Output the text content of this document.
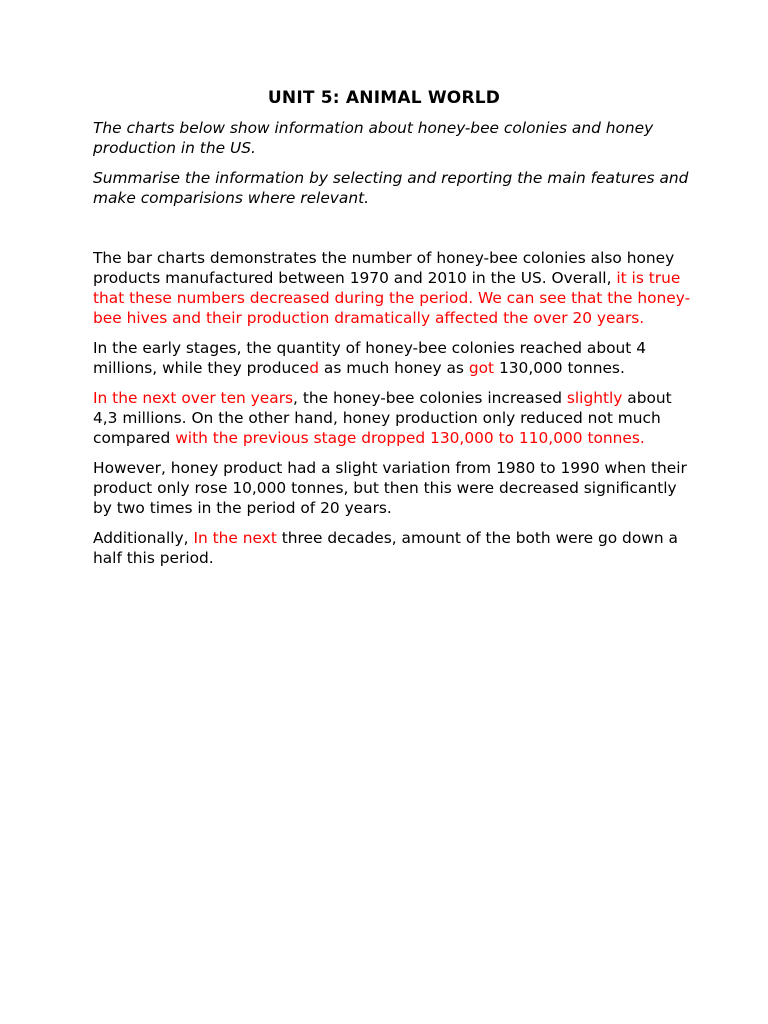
UNIT 5: ANIMAL WORLD

The charts below show information about honey-bee colonies and honey production in the US.

Summarise the information by selecting and reporting the main features and make comparisions where relevant.

The bar charts demonstrates the number of honey-bee colonies also honey products manufactured between 1970 and 2010 in the US. Overall, it is true that these numbers decreased during the period. We can see that the honey-bee hives and their production dramatically affected the over 20 years.

In the early stages, the quantity of honey-bee colonies reached about 4 millions, while they produced as much honey as got 130,000 tonnes.

In the next over ten years, the honey-bee colonies increased slightly about 4,3 millions. On the other hand, honey production only reduced not much compared with the previous stage dropped 130,000 to 110,000 tonnes.

However, honey product had a slight variation from 1980 to 1990 when their product only rose 10,000 tonnes, but then this were decreased significantly by two times in the period of 20 years.

Additionally, In the next three decades, amount of the both were go down a half this period.
